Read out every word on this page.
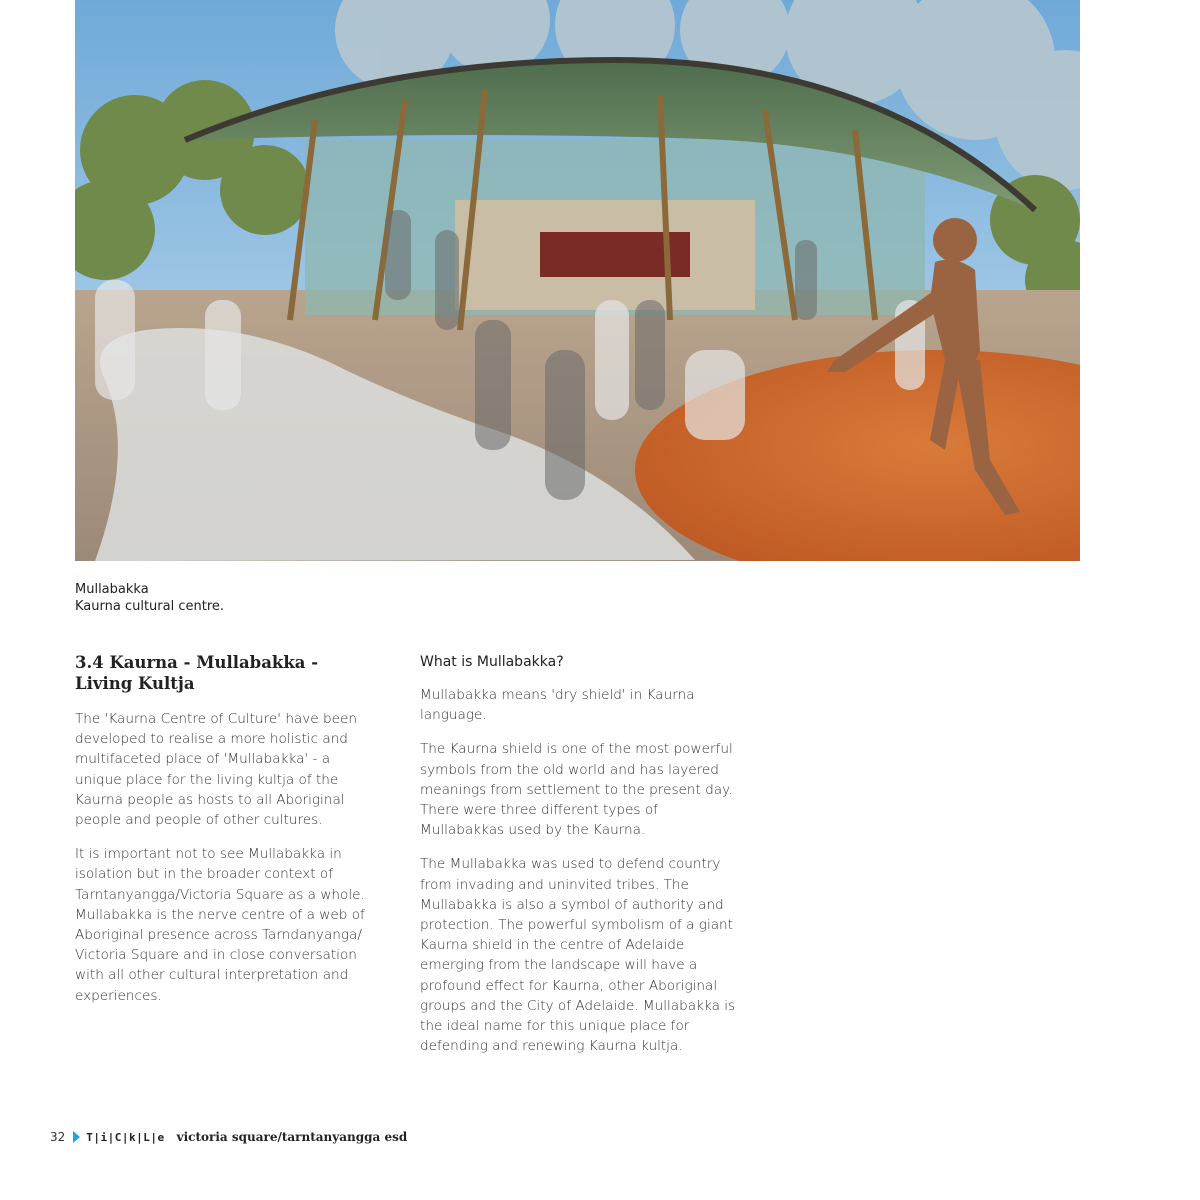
Mullabakka
Kaurna cultural centre.
3.4 Kaurna - Mullabakka - Living Kultja

The 'Kaurna Centre of Culture' have been developed to realise a more holistic and multifaceted place of 'Mullabakka' - a unique place for the living kultja of the Kaurna people as hosts to all Aboriginal people and people of other cultures.

It is important not to see Mullabakka in isolation but in the broader context of Tarntanyangga/Victoria Square as a whole. Mullabakka is the nerve centre of a web of Aboriginal presence across Tarndanyanga/ Victoria Square and in close conversation with all other cultural interpretation and experiences.

What is Mullabakka?

Mullabakka means 'dry shield' in Kaurna language.

The Kaurna shield is one of the most powerful symbols from the old world and has layered meanings from settlement to the present day. There were three different types of Mullabakkas used by the Kaurna.

The Mullabakka was used to defend country from invading and uninvited tribes. The Mullabakka is also a symbol of authority and protection. The powerful symbolism of a giant Kaurna shield in the centre of Adelaide emerging from the landscape will have a profound effect for Kaurna, other Aboriginal groups and the City of Adelaide. Mullabakka is the ideal name for this unique place for defending and renewing Kaurna kultja.

32 T|i|C|k|L|e victoria square/tarntanyangga esd
